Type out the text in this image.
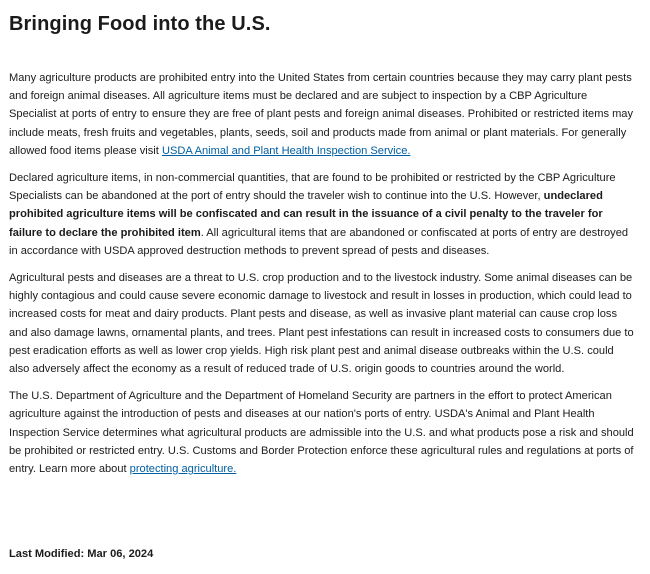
Bringing Food into the U.S.

Many agriculture products are prohibited entry into the United States from certain countries because they may carry plant pests and foreign animal diseases. All agriculture items must be declared and are subject to inspection by a CBP Agriculture Specialist at ports of entry to ensure they are free of plant pests and foreign animal diseases. Prohibited or restricted items may include meats, fresh fruits and vegetables, plants, seeds, soil and products made from animal or plant materials. For generally allowed food items please visit USDA Animal and Plant Health Inspection Service.

Declared agriculture items, in non-commercial quantities, that are found to be prohibited or restricted by the CBP Agriculture Specialists can be abandoned at the port of entry should the traveler wish to continue into the U.S. However, undeclared prohibited agriculture items will be confiscated and can result in the issuance of a civil penalty to the traveler for failure to declare the prohibited item. All agricultural items that are abandoned or confiscated at ports of entry are destroyed in accordance with USDA approved destruction methods to prevent spread of pests and diseases.

Agricultural pests and diseases are a threat to U.S. crop production and to the livestock industry. Some animal diseases can be highly contagious and could cause severe economic damage to livestock and result in losses in production, which could lead to increased costs for meat and dairy products. Plant pests and disease, as well as invasive plant material can cause crop loss and also damage lawns, ornamental plants, and trees. Plant pest infestations can result in increased costs to consumers due to pest eradication efforts as well as lower crop yields. High risk plant pest and animal disease outbreaks within the U.S. could also adversely affect the economy as a result of reduced trade of U.S. origin goods to countries around the world.

The U.S. Department of Agriculture and the Department of Homeland Security are partners in the effort to protect American agriculture against the introduction of pests and diseases at our nation's ports of entry. USDA's Animal and Plant Health Inspection Service determines what agricultural products are admissible into the U.S. and what products pose a risk and should be prohibited or restricted entry. U.S. Customs and Border Protection enforce these agricultural rules and regulations at ports of entry. Learn more about protecting agriculture.

Last Modified: Mar 06, 2024
